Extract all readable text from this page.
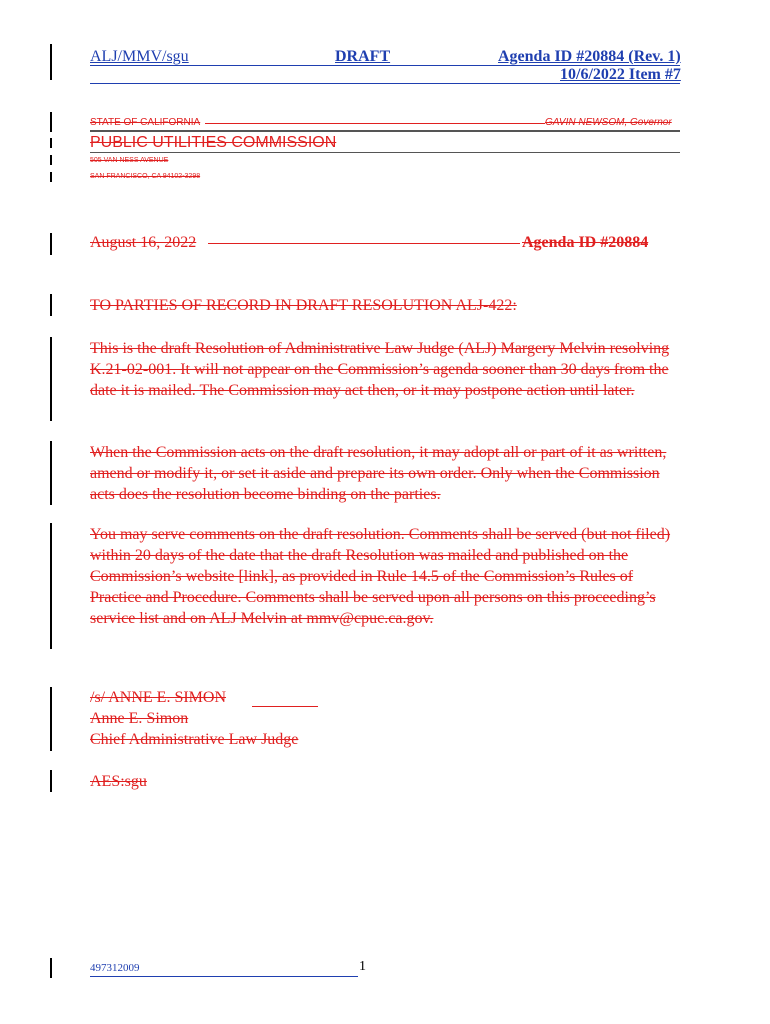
ALJ/MMV/sgu	DRAFT	Agenda ID #20884 (Rev. 1)
10/6/2022 Item #7
STATE OF CALIFORNIA	GAVIN NEWSOM, Governor
PUBLIC UTILITIES COMMISSION
505 VAN NESS AVENUE
SAN FRANCISCO, CA 94102-3298
August 16, 2022	Agenda ID #20884
TO PARTIES OF RECORD IN DRAFT RESOLUTION ALJ-422:
This is the draft Resolution of Administrative Law Judge (ALJ) Margery Melvin resolving K.21-02-001. It will not appear on the Commission’s agenda sooner than 30 days from the date it is mailed. The Commission may act then, or it may postpone action until later.
When the Commission acts on the draft resolution, it may adopt all or part of it as written, amend or modify it, or set it aside and prepare its own order. Only when the Commission acts does the resolution become binding on the parties.
You may serve comments on the draft resolution. Comments shall be served (but not filed) within 20 days of the date that the draft Resolution was mailed and published on the Commission’s website [link], as provided in Rule 14.5 of the Commission’s Rules of Practice and Procedure. Comments shall be served upon all persons on this proceeding’s service list and on ALJ Melvin at mmv@cpuc.ca.gov.
/s/ ANNE E. SIMON
Anne E. Simon
Chief Administrative Law Judge
AES:sgu
497312009	1
